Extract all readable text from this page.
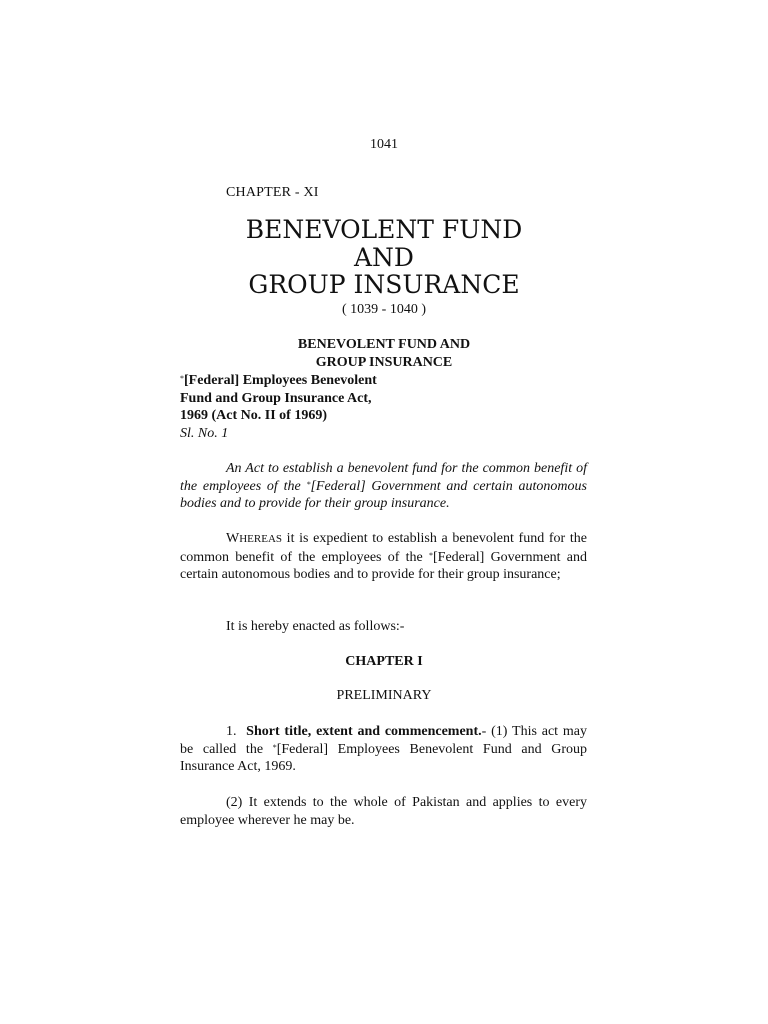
1041
CHAPTER - XI
BENEVOLENT FUND
AND
GROUP INSURANCE
( 1039 - 1040 )
BENEVOLENT FUND AND
GROUP INSURANCE
*[Federal] Employees Benevolent
Fund and Group Insurance Act,
1969 (Act No. II of 1969)
Sl. No. 1
An Act to establish a benevolent fund for the common benefit of the employees of the *[Federal] Government and certain autonomous bodies and to provide for their group insurance.
WHEREAS it is expedient to establish a benevolent fund for the common benefit of the employees of the *[Federal] Government and certain autonomous bodies and to provide for their group insurance;
It is hereby enacted as follows:-
CHAPTER I
PRELIMINARY
1. Short title, extent and commencement.- (1) This act may be called the *[Federal] Employees Benevolent Fund and Group Insurance Act, 1969.
(2) It extends to the whole of Pakistan and applies to every employee wherever he may be.
